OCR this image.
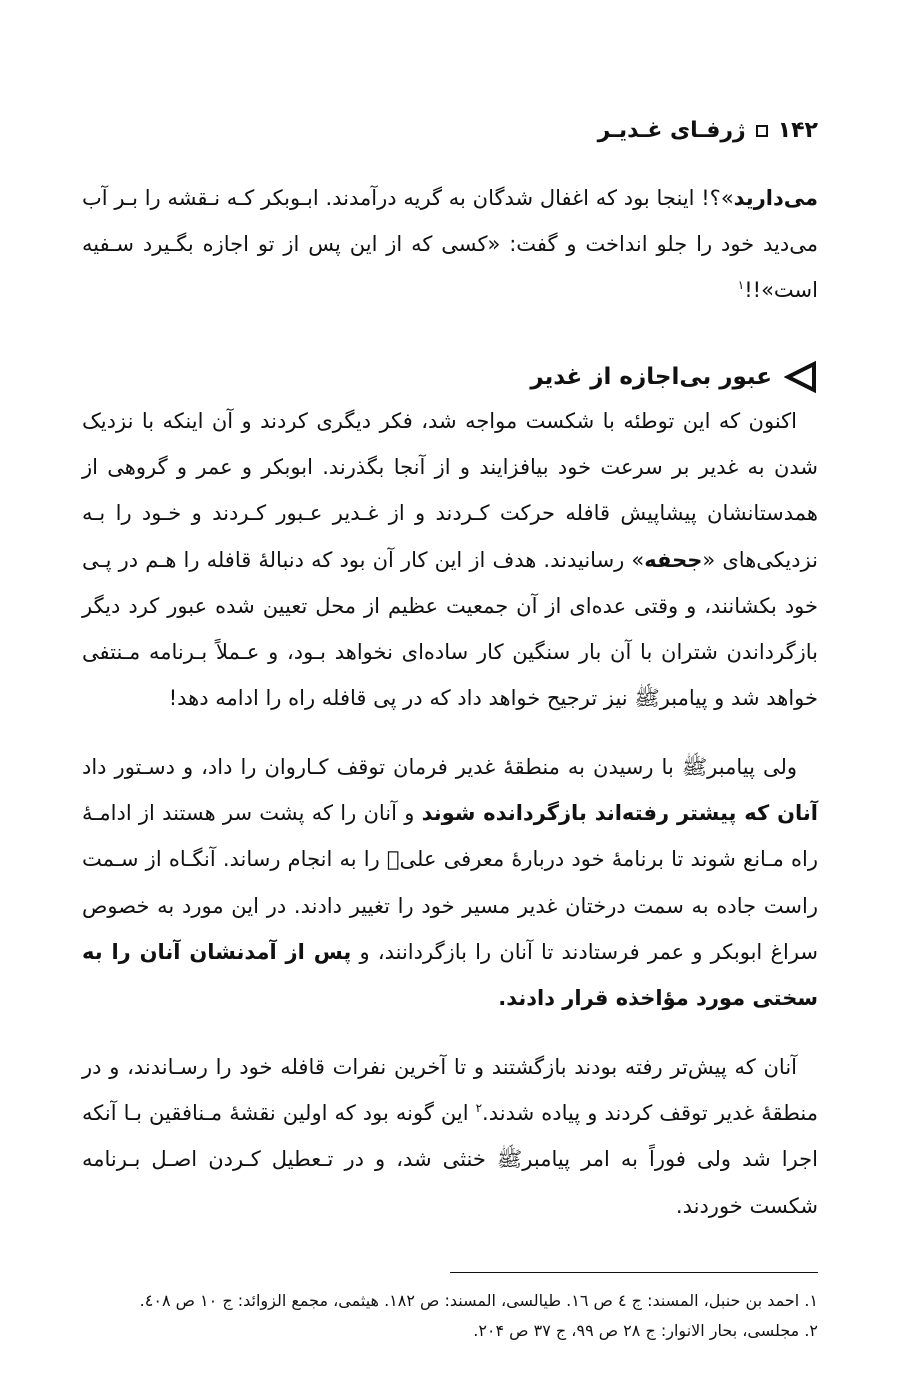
۱۴۲
ژرفـای غـدیـر
می‌دارید»؟! اینجا بود که اغفال شدگان به گریه درآمدند. ابـوبکر کـه نـقشه را بـر آب می‌دید خود را جلو انداخت و گفت: «کسی که از این پس از تو اجازه بگـیرد سـفیه است»!!$^۱$
عبور بی‌اجازه از غدیر
 اکنون که این توطئه با شکست مواجه شد، فکر دیگری کردند و آن اینکه با نزدیک شدن به غدیر بر سرعت خود بیافزایند و از آنجا بگذرند. ابوبکر و عمر و گروهی از همدستانشان پیشاپیش قافله حرکت کـردند و از غـدیر عـبور کـردند و خـود را بـه نزدیکی‌های «جحفه» رسانیدند. هدف از این کار آن بود که دنبالهٔ قافله را هـم در پـی خود بکشانند، و وقتی عده‌ای از آن جمعیت عظیم از محل تعیین شده عبور کرد دیگر بازگرداندن شتران با آن بار سنگین کار ساده‌ای نخواهد بـود، و عـملاً بـرنامه مـنتفی خواهد شد و پیامبرﷺ نیز ترجیح خواهد داد که در پی قافله راه را ادامه دهد!
 ولی پیامبرﷺ با رسیدن به منطقهٔ غدیر فرمان توقف کـاروان را داد، و دسـتور داد آنان که پیشتر رفته‌اند بازگردانده شوند و آنان را که پشت سر هستند از ادامـهٔ راه مـانع شوند تا برنامهٔ خود دربارهٔ معرفی علیؑ را به انجام رساند. آنگـاه از سـمت راست جاده به سمت درختان غدیر مسیر خود را تغییر دادند. در این مورد به خصوص سراغ ابوبکر و عمر فرستادند تا آنان را بازگردانند، و پس از آمدنشان آنان را به سختی مورد مؤاخذه قرار دادند.
 آنان که پیش‌تر رفته بودند بازگشتند و تا آخرین نفرات قافله خود را رسـاندند، و در منطقهٔ غدیر توقف کردند و پیاده شدند.$^۲$ این گونه بود که اولین نقشهٔ مـنافقین بـا آنکه اجرا شد ولی فوراً به امر پیامبرﷺ خنثی شد، و در تـعطیل کـردن اصـل بـرنامه شکست خوردند.
۱. احمد بن حنبل، المسند: ج ٤ ص ١٦. طیالسی، المسند: ص ١٨٢. هیثمی، مجمع الزوائد: ج ١٠ ص ٤٠٨.
۲. مجلسی، بحار الانوار: ج ۲۸ ص ۹۹، ج ۳۷ ص ۲۰۴.
